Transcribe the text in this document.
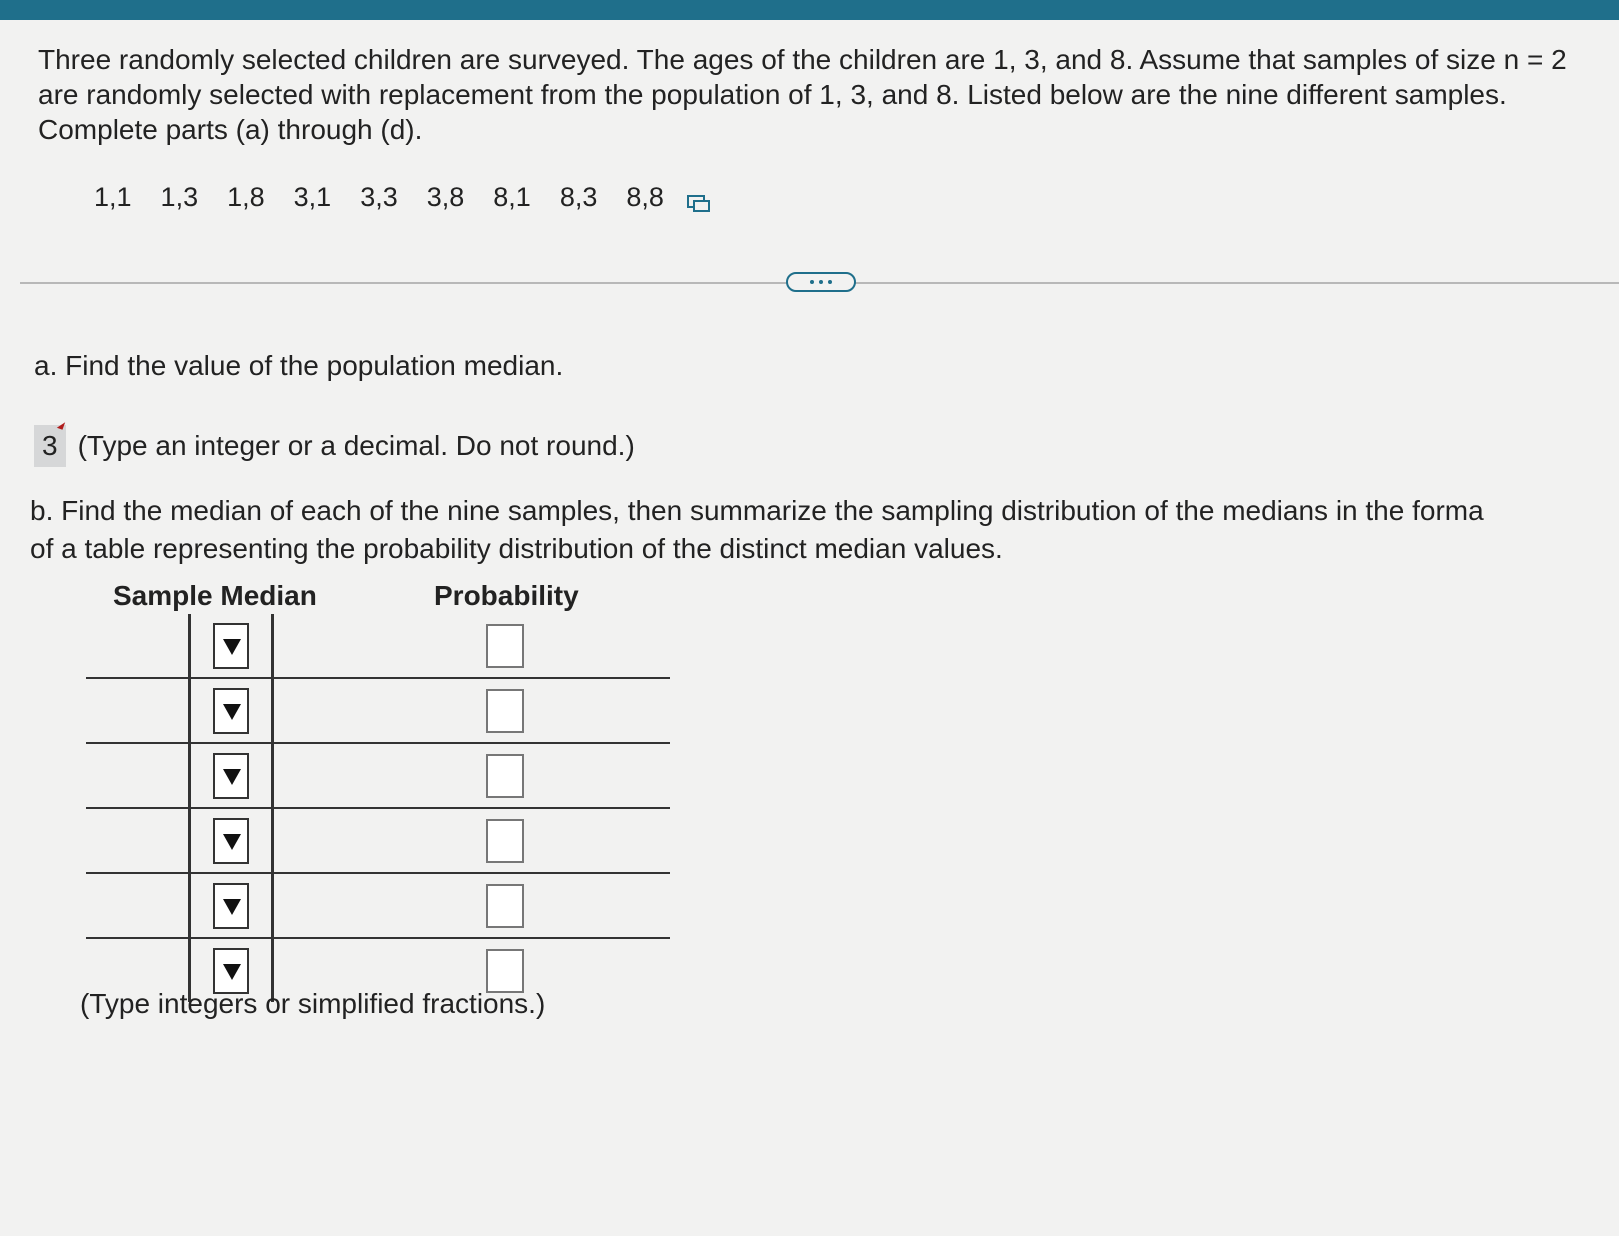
Three randomly selected children are surveyed. The ages of the children are 1, 3, and 8. Assume that samples of size n = 2 are randomly selected with replacement from the population of 1, 3, and 8. Listed below are the nine different samples. Complete parts (a) through (d).
1,1 1,3 1,8 3,1 3,3 3,8 8,1 8,3 8,8
a. Find the value of the population median.
3 (Type an integer or a decimal. Do not round.)
b. Find the median of each of the nine samples, then summarize the sampling distribution of the medians in the forma
of a table representing the probability distribution of the distinct median values.
Sample Median	Probability

(Type integers or simplified fractions.)
